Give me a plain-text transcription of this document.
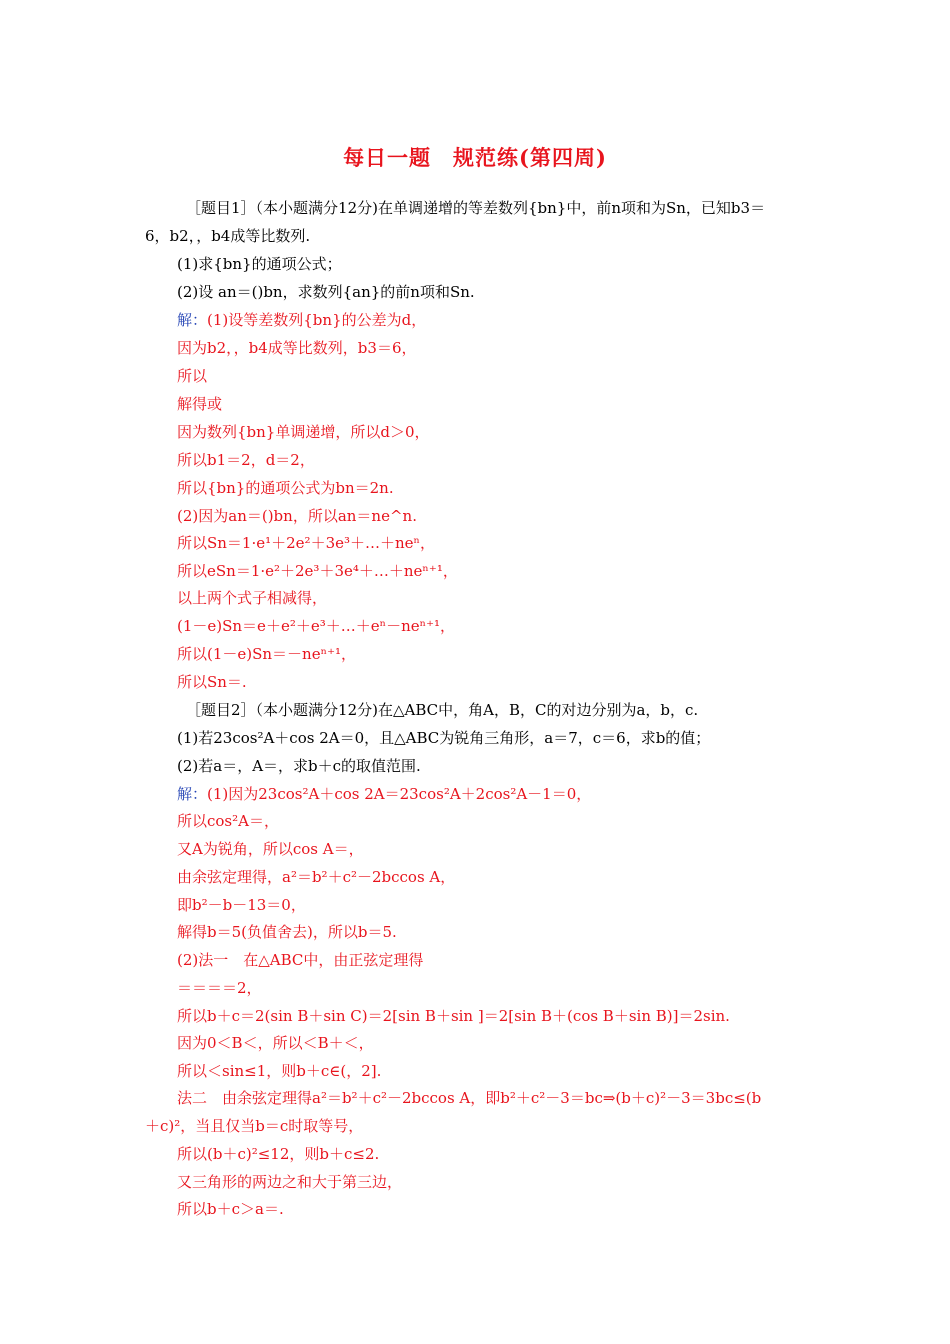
每日一题　规范练(第四周)
［题目1］（本小题满分12分)在单调递增的等差数列{bn}中，前n项和为Sn，已知b3＝
6，b2，，b4成等比数列.
(1)求{bn}的通项公式；
(2)设 an＝()bn，求数列{an}的前n项和Sn.
解：(1)设等差数列{bn}的公差为d，
因为b2，，b4成等比数列，b3＝6，
所以
解得或
因为数列{bn}单调递增，所以d＞0，
所以b1＝2，d＝2，
所以{bn}的通项公式为bn＝2n.
(2)因为an＝()bn，所以an＝ne^n.
所以Sn＝1·e¹＋2e²＋3e³＋…＋neⁿ，
所以eSn＝1·e²＋2e³＋3e⁴＋…＋neⁿ⁺¹，
以上两个式子相减得，
(1－e)Sn＝e＋e²＋e³＋…＋eⁿ－neⁿ⁺¹，
所以(1－e)Sn＝－neⁿ⁺¹，
所以Sn＝.
［题目2］（本小题满分12分)在△ABC中，角A，B，C的对边分别为a，b，c.
(1)若23cos²A＋cos 2A＝0，且△ABC为锐角三角形，a＝7，c＝6，求b的值；
(2)若a＝，A＝，求b＋c的取值范围.
解：(1)因为23cos²A＋cos 2A＝23cos²A＋2cos²A－1＝0，
所以cos²A＝，
又A为锐角，所以cos A＝，
由余弦定理得，a²＝b²＋c²－2bccos A，
即b²－b－13＝0，
解得b＝5(负值舍去)，所以b＝5.
(2)法一　在△ABC中，由正弦定理得
＝＝＝＝2，
所以b＋c＝2(sin B＋sin C)＝2[sin B＋sin ]＝2[sin B＋(cos B＋sin B)]＝2sin.
因为0＜B＜，所以＜B＋＜，
所以＜sin≤1，则b＋c∈(，2].
法二　由余弦定理得a²＝b²＋c²－2bccos A，即b²＋c²－3＝bc⇒(b＋c)²－3＝3bc≤(b
＋c)²，当且仅当b＝c时取等号，
所以(b＋c)²≤12，则b＋c≤2.
又三角形的两边之和大于第三边，
所以b＋c＞a＝.
